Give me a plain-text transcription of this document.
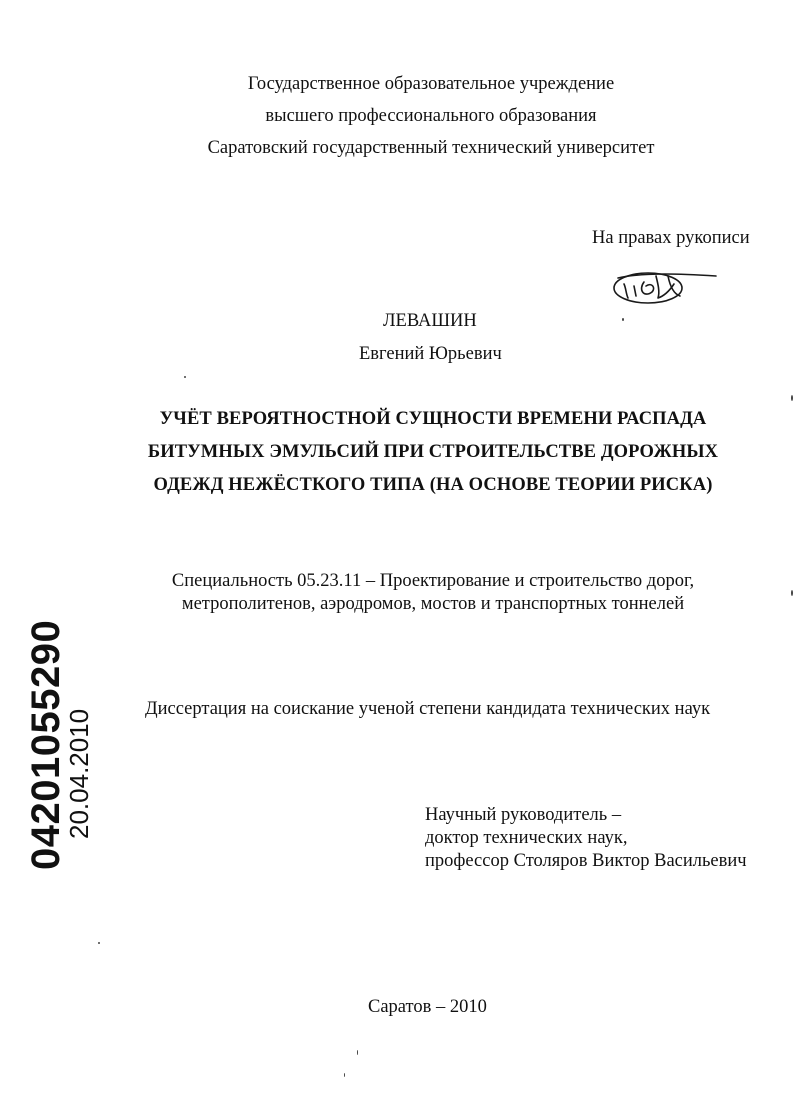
Государственное образовательное учреждение
высшего профессионального образования
Саратовский государственный технический университет
На правах рукописи
ЛЕВАШИН
Евгений Юрьевич
УЧЁТ ВЕРОЯТНОСТНОЙ СУЩНОСТИ ВРЕМЕНИ РАСПАДА
БИТУМНЫХ ЭМУЛЬСИЙ ПРИ СТРОИТЕЛЬСТВЕ ДОРОЖНЫХ
ОДЕЖД НЕЖЁСТКОГО ТИПА (НА ОСНОВЕ ТЕОРИИ РИСКА)
Специальность 05.23.11 – Проектирование и строительство дорог,
метрополитенов, аэродромов, мостов и транспортных тоннелей
Диссертация на соискание ученой степени кандидата технических наук
Научный руководитель –
доктор технических наук,
профессор Столяров Виктор Васильевич
Саратов – 2010
04201055290
20.04.2010
